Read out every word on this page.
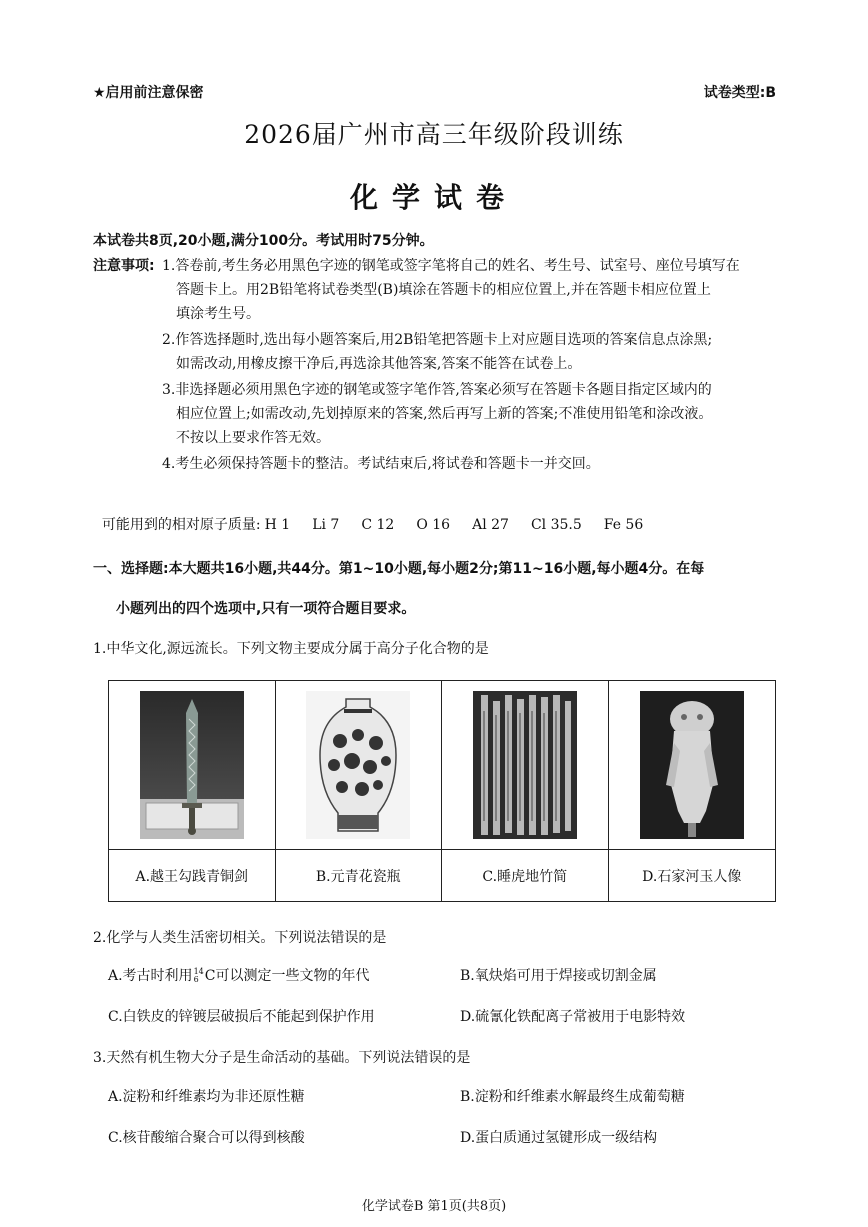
★启用前注意保密	试卷类型:B
2026届广州市高三年级阶段训练
化学试卷
本试卷共8页,20小题,满分100分。考试用时75分钟。
注意事项: 1.答卷前,考生务必用黑色字迹的钢笔或签字笔将自己的姓名、考生号、试室号、座位号填写在
答题卡上。用2B铅笔将试卷类型(B)填涂在答题卡的相应位置上,并在答题卡相应位置上
填涂考生号。
2.作答选择题时,选出每小题答案后,用2B铅笔把答题卡上对应题目选项的答案信息点涂黑;
如需改动,用橡皮擦干净后,再选涂其他答案,答案不能答在试卷上。
3.非选择题必须用黑色字迹的钢笔或签字笔作答,答案必须写在答题卡各题目指定区域内的
相应位置上;如需改动,先划掉原来的答案,然后再写上新的答案;不准使用铅笔和涂改液。
不按以上要求作答无效。
4.考生必须保持答题卡的整洁。考试结束后,将试卷和答题卡一并交回。

可能用到的相对原子质量: H 1 Li 7 C 12 O 16 Al 27 Cl 35.5 Fe 56

一、选择题:本大题共16小题,共44分。第1~10小题,每小题2分;第11~16小题,每小题4分。在每
小题列出的四个选项中,只有一项符合题目要求。
1.中华文化,源远流长。下列文物主要成分属于高分子化合物的是
A.越王勾践青铜剑	B.元青花瓷瓶	C.睡虎地竹简	D.石家河玉人像
2.化学与人类生活密切相关。下列说法错误的是
A.考古时利用 14
6 C可以测定一些文物的年代	B.氧炔焰可用于焊接或切割金属
C.白铁皮的锌镀层破损后不能起到保护作用	D.硫氰化铁配离子常被用于电影特效
3.天然有机生物大分子是生命活动的基础。下列说法错误的是
A.淀粉和纤维素均为非还原性糖	B.淀粉和纤维素水解最终生成葡萄糖
C.核苷酸缩合聚合可以得到核酸	D.蛋白质通过氢键形成一级结构
化学试卷B 第1页(共8页)
